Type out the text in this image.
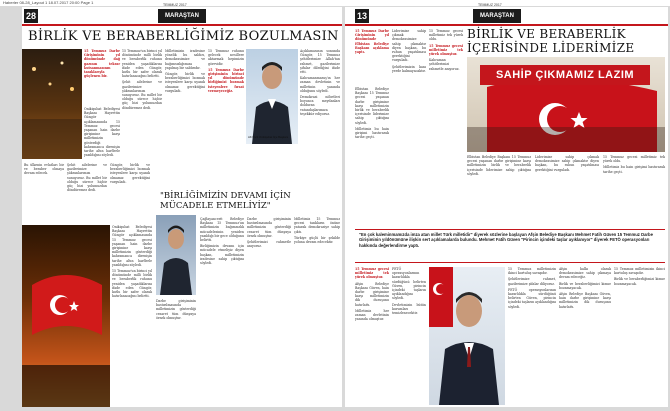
Haberler 08-28_Layout 1 18.07.2017 20:00 Page 1
28
TEMMUZ 2017
MARAŞTAN
BİRLİK VE BERABERLİĞİMİZ BOZULMASIN

15 Temmuz Darbe Girişiminin yıl dönümünde dağ gazının tekrar kutsanmasının tanıklarıyla güçlenen bir.

Onikişubat Belediyesi Başkanı Hayrettin Güngör açıklamasında 15 Temmuz gecesi yaşanan hain darbe girişimine karşı milletimizin gösterdiği kahramanca direnişin tarihe altın harflerle yazıldığını söyledi.

15 Temmuz'un birinci yıl dönümünde milli birlik ve beraberlik ruhunu yeniden yaşadıklarını ifade eden Güngör, kutlu bir zafer olarak hatırlanacağını belirtti.

Şehit ailelerine ve gazilerimize şükranlarımızı sunuyoruz. Bu millet bir olduğu sürece hiçbir güç bizi yolumuzdan döndüremez dedi.

Milletimizin iradesine yönelik bu saldırı, demokrasimize ve bağımsızlığımıza yapılmış bir saldırıdır.

Güngör, birlik ve beraberliğimizi bozmak isteyenlere karşı uyanık olmamız gerektiğini vurguladı.

15 Temmuz ruhunu gelecek nesillere aktarmak hepimizin görevidir.

15 Temmuz Darbe girişiminin birinci yıl dönümünde birliğimizi bozmak isteyenlere fırsat vermeyeceğiz.

AK Parti Onikişubat İlçe Başkanı

Açıklamasının sonunda Güngör, 15 Temmuz şehitlerimize Allah'tan rahmet, gazilerimize şifalar dilediğini ifade etti.

Kahramanmaraş'ın her zaman devletinin ve milletinin yanında olduğunu söyledi.

Demokrasi nöbetleri boyunca meydanları dolduran vatandaşlarımıza teşekkür ediyoruz.

Bu ülkenin evlatları bir ve beraber olmaya devam edecek.

Şehit ailelerine ve gazilerimize şükranlarımızı sunuyoruz. Bu millet bir olduğu sürece hiçbir güç bizi yolumuzdan döndüremez dedi.

Güngör, birlik ve beraberliğimizi bozmak isteyenlere karşı uyanık olmamız gerektiğini vurguladı.

Onikişubat Belediyesi Başkanı Hayrettin Güngör açıklamasında 15 Temmuz gecesi yaşanan hain darbe girişimine karşı milletimizin gösterdiği kahramanca direnişin tarihe altın harflerle yazıldığını söyledi.

15 Temmuz'un birinci yıl dönümünde milli birlik ve beraberlik ruhunu yeniden yaşadıklarını ifade eden Güngör, kutlu bir zafer olarak hatırlanacağını belirtti.

"BİRLİĞİMİZİN DEVAMI İÇİN MÜCADELE ETMELİYİZ"

Çağlayancerit Belediye Başkanı 15 Temmuz'un milletimizin bağımsızlık mücadelesinin yeniden yazıldığı bir gece olduğunu belirtti.

Birliğimizin devamı için mücadele etmeliyiz diyen başkan, milletimizin iradesine sahip çıktığını söyledi.

Darbe girişiminin bastırılmasında milletimizin gösterdiği cesaret tüm dünyaya örnek olmuştur.

Şehitlerimizi rahmetle anıyoruz.

Milletimiz 15 Temmuz gecesi tankların önüne yatarak demokrasiye sahip çıktı.

Türkiye güçlü bir şekilde yoluna devam edecektir.

Darbe girişiminin bastırılmasında milletimizin gösterdiği cesaret tüm dünyaya örnek olmuştur.

13
TEMMUZ 2017
MARAŞTAN

15 Temmuz Darbe Girişiminin yıl dönümünde Elbistan Belediye Başkanı açıklama yaptı.

Elbistan Belediye Başkanı 15 Temmuz gecesi yaşanan darbe girişimine karşı milletimizin birlik ve beraberlik içerisinde liderimize sahip çıktığını söyledi.

Milletimiz bu hain girişimi bastırarak tarihe geçti.

Liderimize sahip çıkmak demokrasimize sahip çıkmaktır diyen başkan, bu ruhun yaşatılması gerektiğini vurguladı.

Şehitlerimizin kanı yerde kalmayacaktır.

15 Temmuz gecesi milletimiz tek yürek oldu.

15 Temmuz gecesi milletimiz tek yürek olmuştur.

Kahraman şehitlerimizi rahmetle anıyoruz.

BİRLİK VE BERABERLİK
İÇERİSİNDE LİDERİMİZE
SAHİP ÇIKMAMIZ LAZIM

Elbistan Belediye Başkanı 15 Temmuz gecesi yaşanan darbe girişimine karşı milletimizin birlik ve beraberlik içerisinde liderimize sahip çıktığını söyledi.

Liderimize sahip çıkmak demokrasimize sahip çıkmaktır diyen başkan, bu ruhun yaşatılması gerektiğini vurguladı.

15 Temmuz gecesi milletimiz tek yürek oldu.

Milletimiz bu hain girişimi bastırarak tarihe geçti.

"En çok kaleminmamızda imza atan millet Türk milletidir" diyerek sözlerine başlayan Afşin Belediye Başkanı Mehmet Fatih Güven 15 Temmuz Darbe Girişiminin yıldönümüne ilişkin sert açıklamalarda bulundu. Mehmet Fatih Güven "Pirincin içindeki taşlar ayıklanıyor" diyerek FETÖ operasyonları hakkında değerlendirme yaptı.

15 Temmuz gecesi milletimiz tek yürek olmuştur.

Afşin Belediye Başkanı Güven, hain darbe girişimine karşı milletimizin dik duruşunu hatırlattı.

Milletimiz her zaman devletinin yanında olmuştur.

FETÖ operasyonlarının kararlılıkla sürdüğünü belirten Güven, pirincin içindeki taşların ayıklandığını söyledi.

Devletimizin bütün kurumları temizlenecektir.

15 Temmuz milletimizin ikinci kurtuluş savaşıdır.

Şehitlerimize rahmet, gazilerimize şifalar diliyoruz.

FETÖ operasyonlarının kararlılıkla sürdüğünü belirten Güven, pirincin içindeki taşların ayıklandığını söyledi.

Afşin halkı olarak demokrasimize sahip çıkmaya devam edeceğiz.

Birlik ve beraberliğimizi kimse bozamayacak.

Afşin Belediye Başkanı Güven, hain darbe girişimine karşı milletimizin dik duruşunu hatırlattı.

15 Temmuz milletimizin ikinci kurtuluş savaşıdır.

Birlik ve beraberliğimizi kimse bozamayacak.
